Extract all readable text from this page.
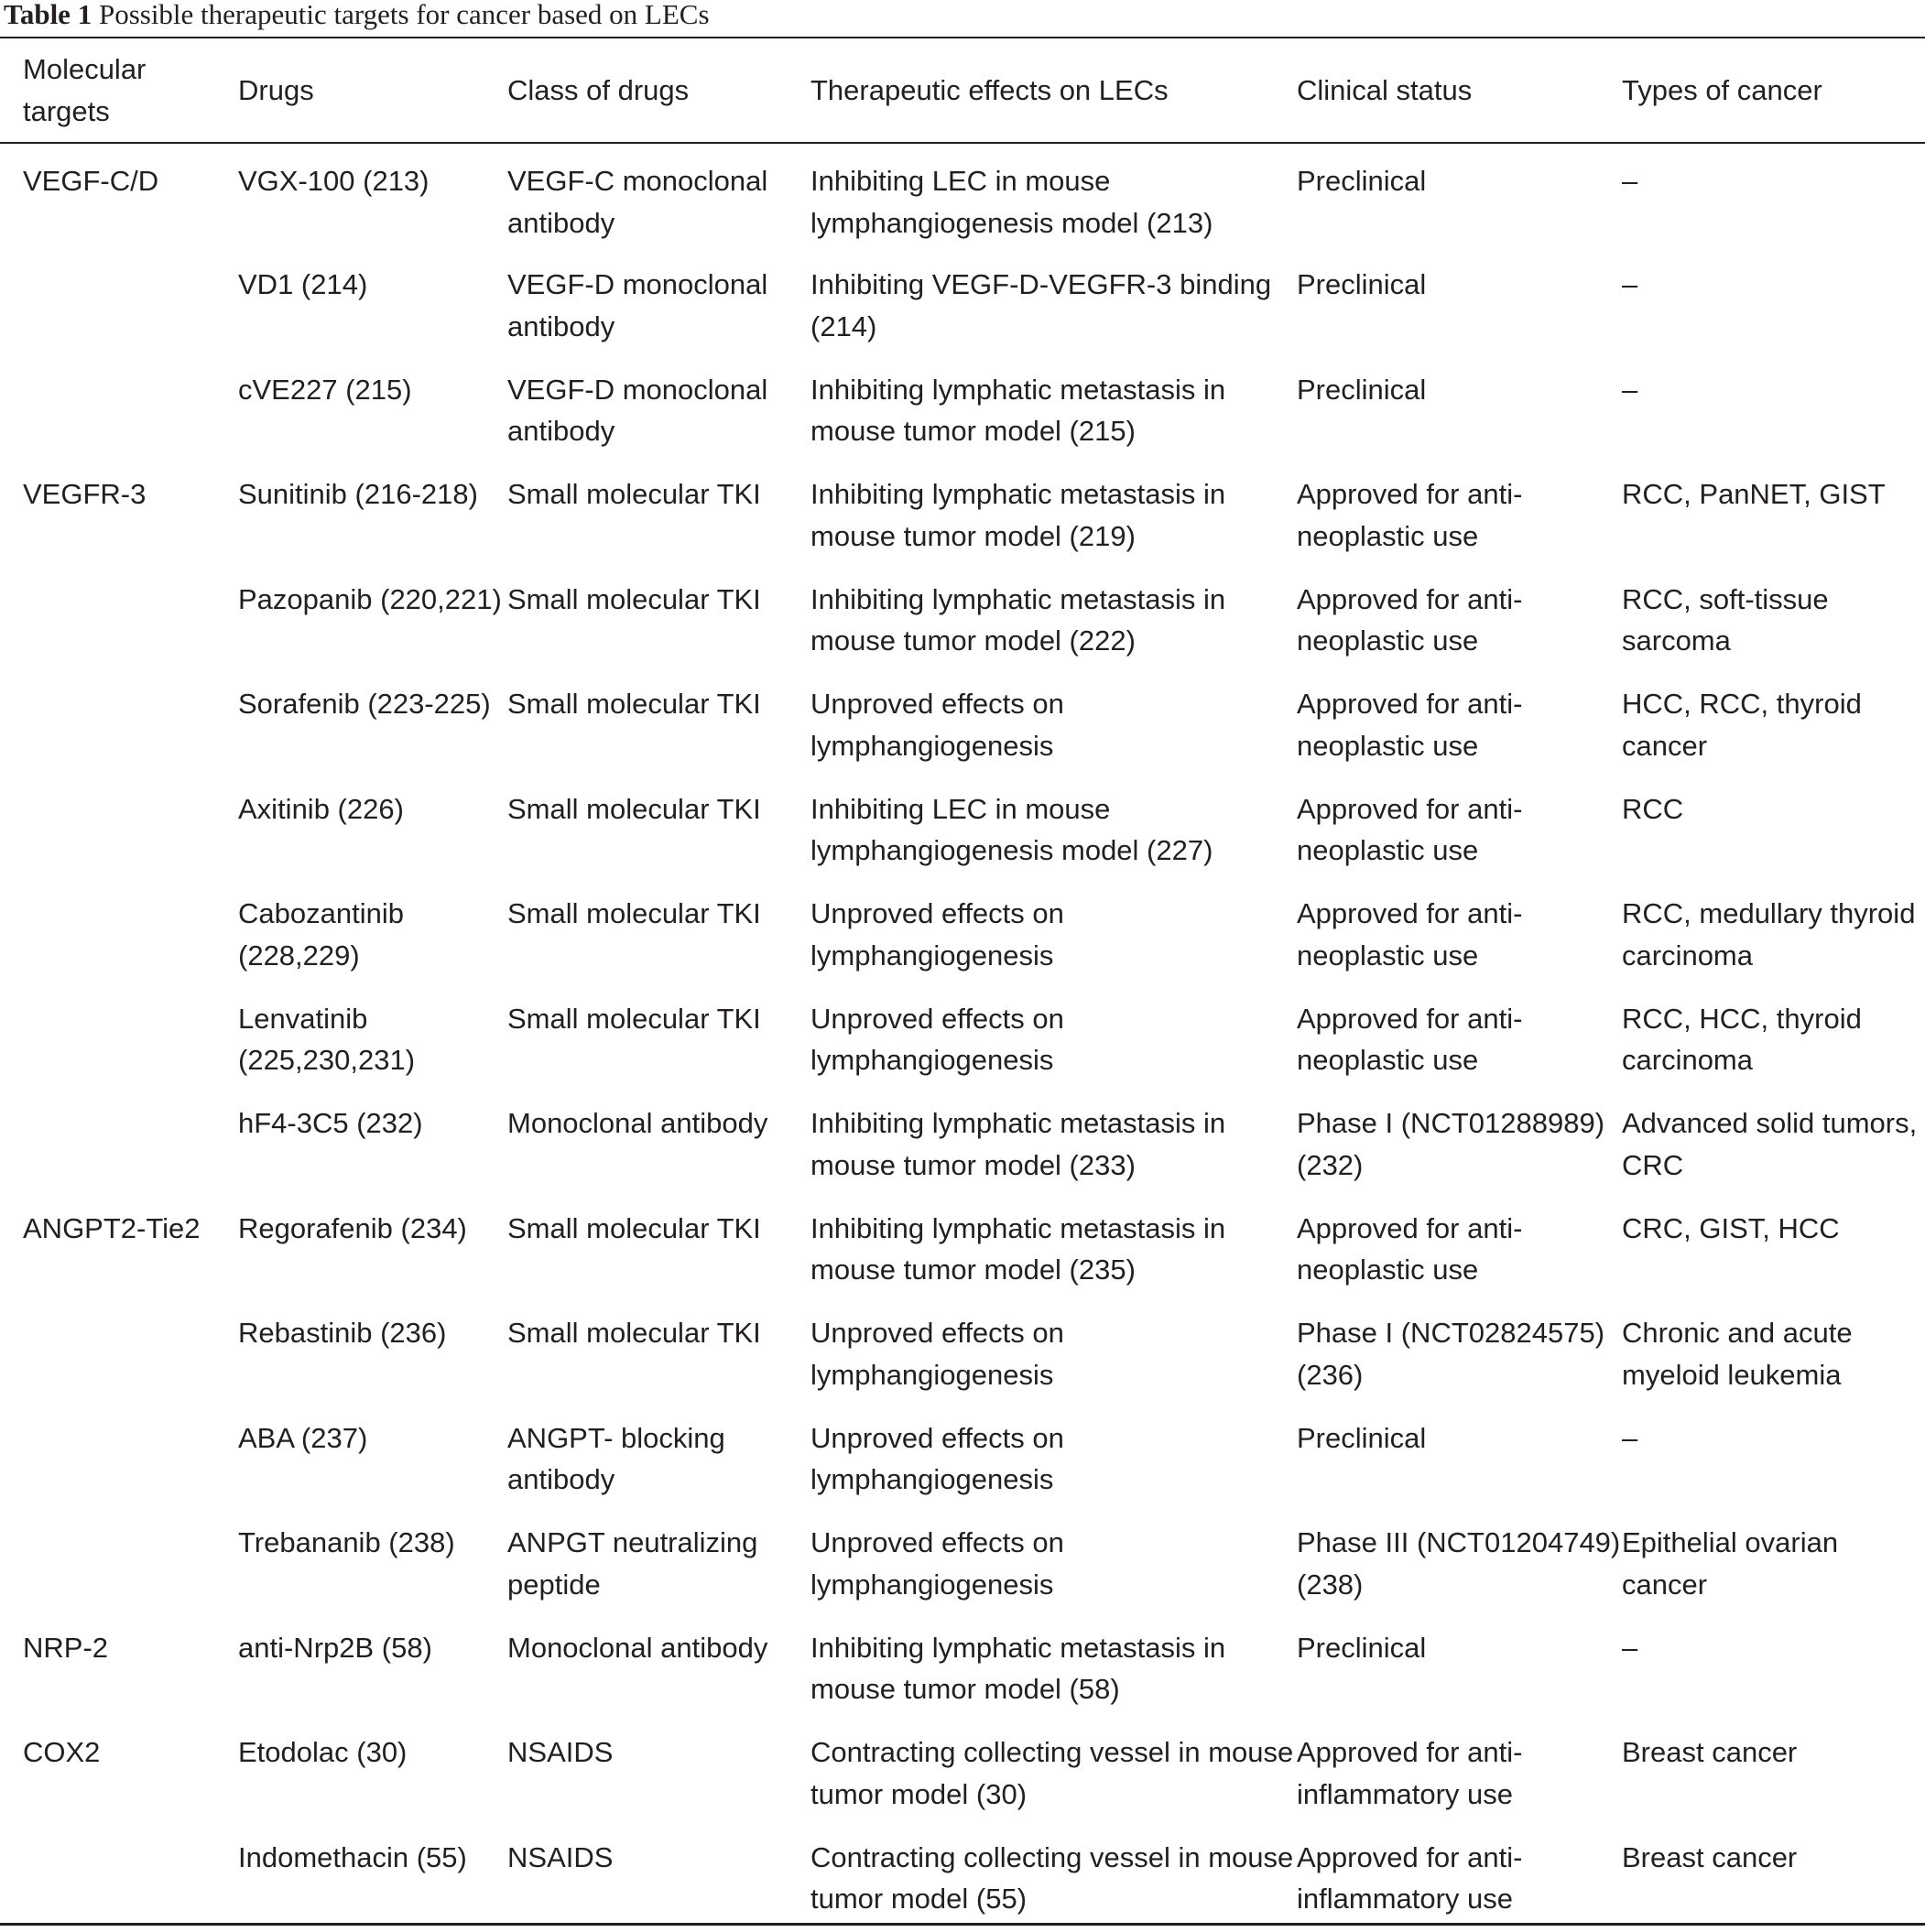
Table 1 Possible therapeutic targets for cancer based on LECs
Molecular targets	Drugs	Class of drugs	Therapeutic effects on LECs	Clinical status	Types of cancer
VEGF-C/D	VGX-100 (213)	VEGF-C monoclonal antibody	Inhibiting LEC in mouse lymphangiogenesis model (213)	Preclinical	–
	VD1 (214)	VEGF-D monoclonal antibody	Inhibiting VEGF-D-VEGFR-3 binding (214)	Preclinical	–
	cVE227 (215)	VEGF-D monoclonal antibody	Inhibiting lymphatic metastasis in mouse tumor model (215)	Preclinical	–
VEGFR-3	Sunitinib (216-218)	Small molecular TKI	Inhibiting lymphatic metastasis in mouse tumor model (219)	Approved for anti-neoplastic use	RCC, PanNET, GIST
	Pazopanib (220,221)	Small molecular TKI	Inhibiting lymphatic metastasis in mouse tumor model (222)	Approved for anti-neoplastic use	RCC, soft-tissue sarcoma
	Sorafenib (223-225)	Small molecular TKI	Unproved effects on lymphangiogenesis	Approved for anti-neoplastic use	HCC, RCC, thyroid cancer
	Axitinib (226)	Small molecular TKI	Inhibiting LEC in mouse lymphangiogenesis model (227)	Approved for anti-neoplastic use	RCC
	Cabozantinib (228,229)	Small molecular TKI	Unproved effects on lymphangiogenesis	Approved for anti-neoplastic use	RCC, medullary thyroid carcinoma
	Lenvatinib (225,230,231)	Small molecular TKI	Unproved effects on lymphangiogenesis	Approved for anti-neoplastic use	RCC, HCC, thyroid carcinoma
	hF4-3C5 (232)	Monoclonal antibody	Inhibiting lymphatic metastasis in mouse tumor model (233)	Phase I (NCT01288989) (232)	Advanced solid tumors, CRC
ANGPT2-Tie2	Regorafenib (234)	Small molecular TKI	Inhibiting lymphatic metastasis in mouse tumor model (235)	Approved for anti-neoplastic use	CRC, GIST, HCC
	Rebastinib (236)	Small molecular TKI	Unproved effects on lymphangiogenesis	Phase I (NCT02824575) (236)	Chronic and acute myeloid leukemia
	ABA (237)	ANGPT- blocking antibody	Unproved effects on lymphangiogenesis	Preclinical	–
	Trebananib (238)	ANPGT neutralizing peptide	Unproved effects on lymphangiogenesis	Phase III (NCT01204749) (238)	Epithelial ovarian cancer
NRP-2	anti-Nrp2B (58)	Monoclonal antibody	Inhibiting lymphatic metastasis in mouse tumor model (58)	Preclinical	–
COX2	Etodolac (30)	NSAIDS	Contracting collecting vessel in mouse tumor model (30)	Approved for anti-inflammatory use	Breast cancer
	Indomethacin (55)	NSAIDS	Contracting collecting vessel in mouse tumor model (55)	Approved for anti-inflammatory use	Breast cancer
